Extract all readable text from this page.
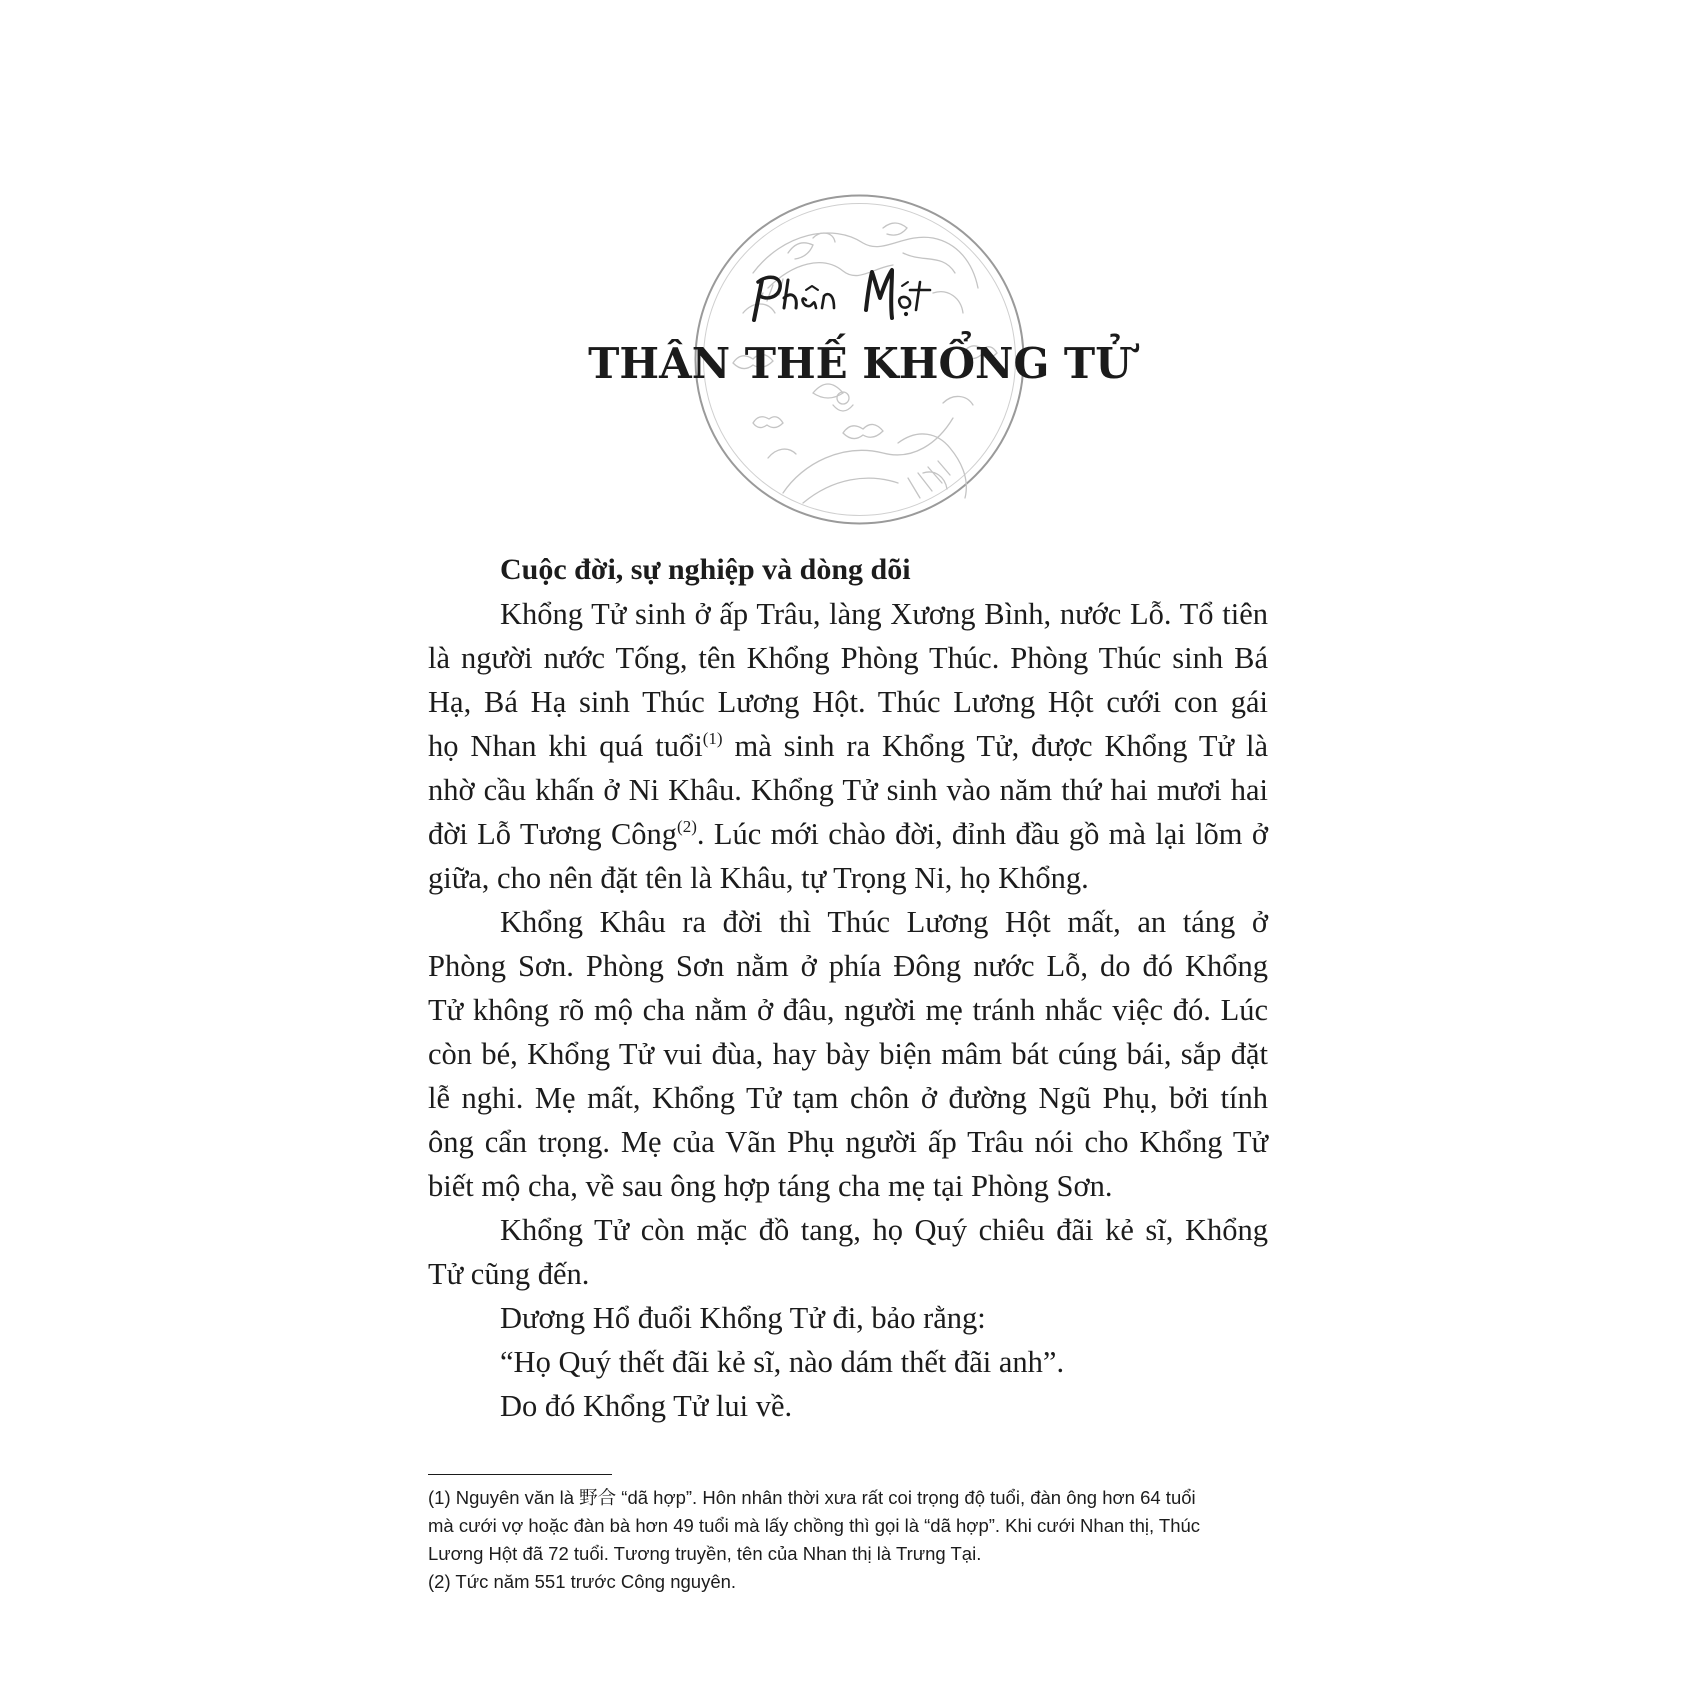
THÂN THẾ KHỔNG TỬ

Cuộc đời, sự nghiệp và dòng dõi

Khổng Tử sinh ở ấp Trâu, làng Xương Bình, nước Lỗ. Tổ tiên
là người nước Tống, tên Khổng Phòng Thúc. Phòng Thúc sinh Bá
Hạ, Bá Hạ sinh Thúc Lương Hột. Thúc Lương Hột cưới con gái
họ Nhan khi quá tuổi$^{(1)}$ mà sinh ra Khổng Tử, được Khổng Tử là
nhờ cầu khấn ở Ni Khâu. Khổng Tử sinh vào năm thứ hai mươi hai
đời Lỗ Tương Công$^{(2)}$. Lúc mới chào đời, đỉnh đầu gồ mà lại lõm ở
giữa, cho nên đặt tên là Khâu, tự Trọng Ni, họ Khổng.
Khổng Khâu ra đời thì Thúc Lương Hột mất, an táng ở
Phòng Sơn. Phòng Sơn nằm ở phía Đông nước Lỗ, do đó Khổng
Tử không rõ mộ cha nằm ở đâu, người mẹ tránh nhắc việc đó. Lúc
còn bé, Khổng Tử vui đùa, hay bày biện mâm bát cúng bái, sắp đặt
lễ nghi. Mẹ mất, Khổng Tử tạm chôn ở đường Ngũ Phụ, bởi tính
ông cẩn trọng. Mẹ của Vãn Phụ người ấp Trâu nói cho Khổng Tử
biết mộ cha, về sau ông hợp táng cha mẹ tại Phòng Sơn.
Khổng Tử còn mặc đồ tang, họ Quý chiêu đãi kẻ sĩ, Khổng
Tử cũng đến.
Dương Hổ đuổi Khổng Tử đi, bảo rằng:
“Họ Quý thết đãi kẻ sĩ, nào dám thết đãi anh”.
Do đó Khổng Tử lui về.
(1) Nguyên văn là 野合 “dã hợp”. Hôn nhân thời xưa rất coi trọng độ tuổi, đàn ông hơn 64 tuổi
mà cưới vợ hoặc đàn bà hơn 49 tuổi mà lấy chồng thì gọi là “dã hợp”. Khi cưới Nhan thị, Thúc
Lương Hột đã 72 tuổi. Tương truyền, tên của Nhan thị là Trưng Tại.
(2) Tức năm 551 trước Công nguyên.
